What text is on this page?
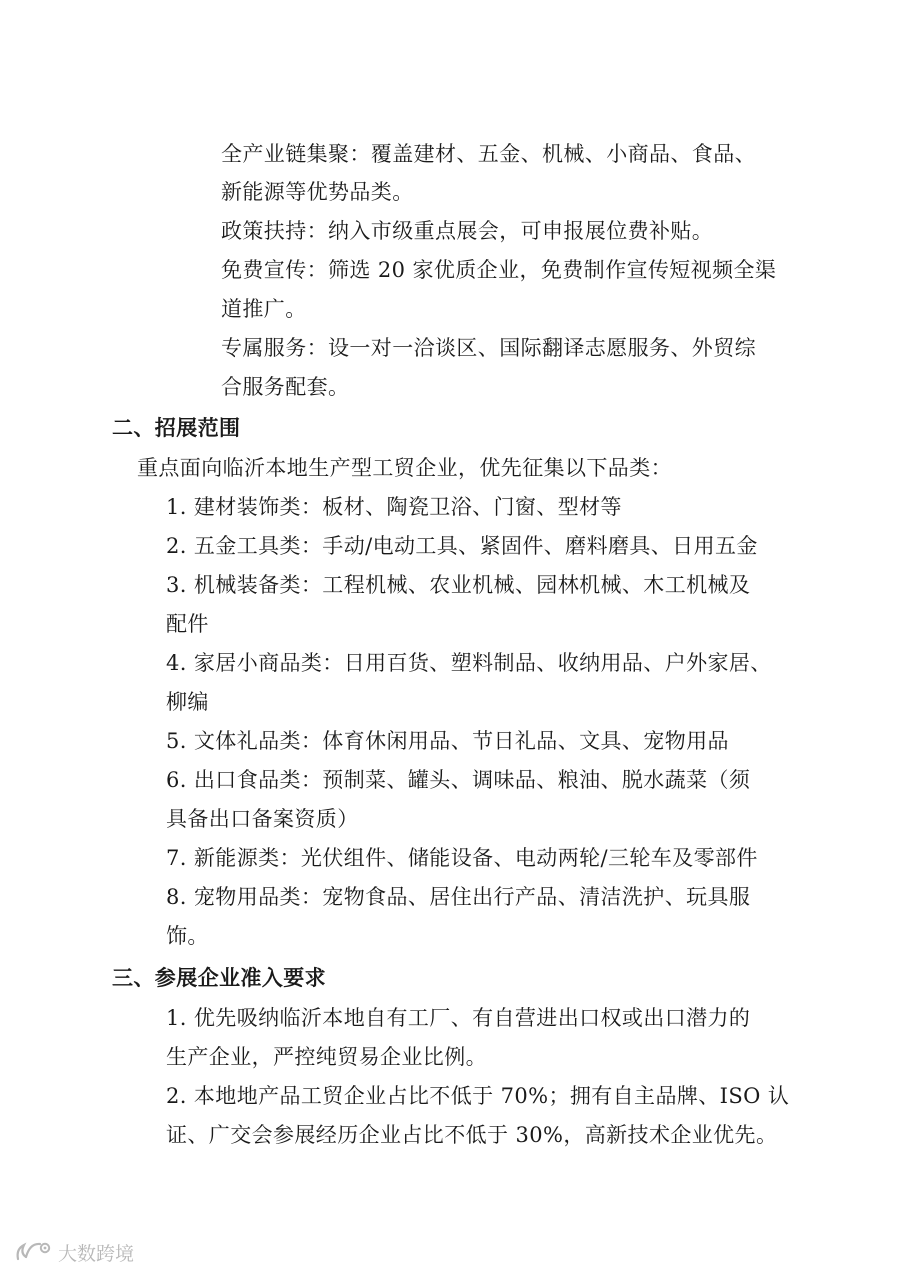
全产业链集聚：覆盖建材、五金、机械、小商品、食品、

新能源等优势品类。

政策扶持：纳入市级重点展会，可申报展位费补贴。

免费宣传：筛选 20 家优质企业，免费制作宣传短视频全渠

道推广。

专属服务：设一对一洽谈区、国际翻译志愿服务、外贸综

合服务配套。

二、招展范围

重点面向临沂本地生产型工贸企业，优先征集以下品类：

1. 建材装饰类：板材、陶瓷卫浴、门窗、型材等

2. 五金工具类：手动/电动工具、紧固件、磨料磨具、日用五金

3. 机械装备类：工程机械、农业机械、园林机械、木工机械及

配件

4. 家居小商品类：日用百货、塑料制品、收纳用品、户外家居、

柳编

5. 文体礼品类：体育休闲用品、节日礼品、文具、宠物用品

6. 出口食品类：预制菜、罐头、调味品、粮油、脱水蔬菜（须

具备出口备案资质）

7. 新能源类：光伏组件、储能设备、电动两轮/三轮车及零部件

8. 宠物用品类：宠物食品、居住出行产品、清洁洗护、玩具服

饰。

三、参展企业准入要求

1. 优先吸纳临沂本地自有工厂、有自营进出口权或出口潜力的

生产企业，严控纯贸易企业比例。

2. 本地地产品工贸企业占比不低于 70%；拥有自主品牌、ISO 认

证、广交会参展经历企业占比不低于 30%，高新技术企业优先。

大数跨境
